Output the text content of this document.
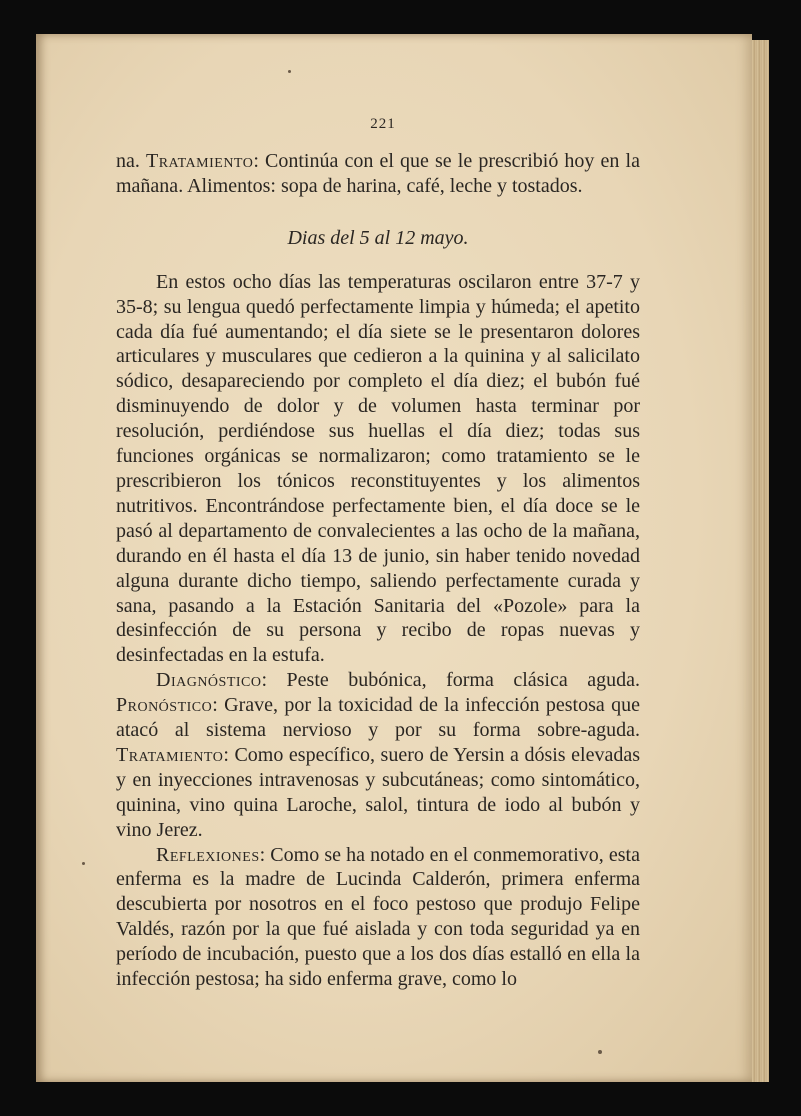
221

na. Tratamiento: Continúa con el que se le prescribió hoy en la mañana. Alimentos: sopa de harina, café, leche y tostados.

Dias del 5 al 12 mayo.

En estos ocho días las temperaturas oscilaron entre 37-7 y 35-8; su lengua quedó perfectamente limpia y húmeda; el apetito cada día fué aumentando; el día siete se le presentaron dolores articulares y musculares que cedieron a la quinina y al salicilato sódico, desapareciendo por completo el día diez; el bubón fué disminuyendo de dolor y de volumen hasta terminar por resolución, perdiéndose sus huellas el día diez; todas sus funciones orgánicas se normalizaron; como tratamiento se le prescribieron los tónicos reconstituyentes y los alimentos nutritivos. Encontrándose perfectamente bien, el día doce se le pasó al departamento de convalecientes a las ocho de la mañana, durando en él hasta el día 13 de junio, sin haber tenido novedad alguna durante dicho tiempo, saliendo perfectamente curada y sana, pasando a la Estación Sanitaria del «Pozole» para la desinfección de su persona y recibo de ropas nuevas y desinfectadas en la estufa.

Diagnóstico: Peste bubónica, forma clásica aguda. Pronóstico: Grave, por la toxicidad de la infección pestosa que atacó al sistema nervioso y por su forma sobre-aguda. Tratamiento: Como específico, suero de Yersin a dósis elevadas y en inyecciones intravenosas y subcutáneas; como sintomático, quinina, vino quina Laroche, salol, tintura de iodo al bubón y vino Jerez.

Reflexiones: Como se ha notado en el conmemorativo, esta enferma es la madre de Lucinda Calderón, primera enferma descubierta por nosotros en el foco pestoso que produjo Felipe Valdés, razón por la que fué aislada y con toda seguridad ya en período de incubación, puesto que a los dos días estalló en ella la infección pestosa; ha sido enferma grave, como lo
